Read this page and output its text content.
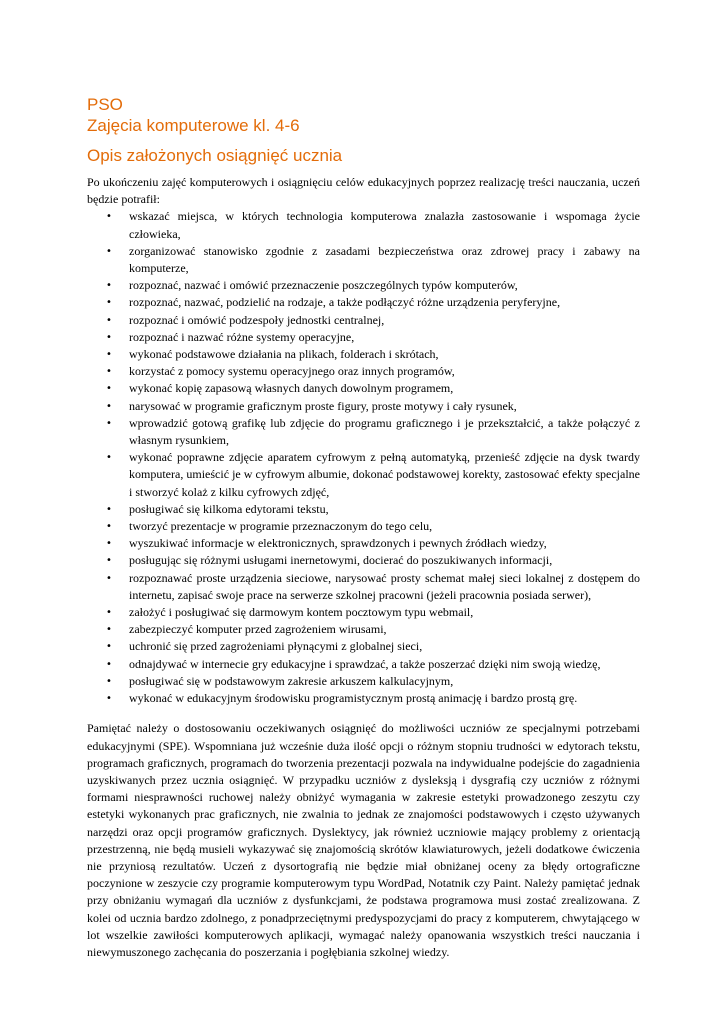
PSO
Zajęcia komputerowe kl. 4-6
Opis założonych osiągnięć ucznia

Po ukończeniu zajęć komputerowych i osiągnięciu celów edukacyjnych poprzez realizację treści nauczania, uczeń będzie potrafił:

• wskazać miejsca, w których technologia komputerowa znalazła zastosowanie i wspomaga życie człowieka,
• zorganizować stanowisko zgodnie z zasadami bezpieczeństwa oraz zdrowej pracy i zabawy na komputerze,
• rozpoznać, nazwać i omówić przeznaczenie poszczególnych typów komputerów,
• rozpoznać, nazwać, podzielić na rodzaje, a także podłączyć różne urządzenia peryferyjne,
• rozpoznać i omówić podzespoły jednostki centralnej,
• rozpoznać i nazwać różne systemy operacyjne,
• wykonać podstawowe działania na plikach, folderach i skrótach,
• korzystać z pomocy systemu operacyjnego oraz innych programów,
• wykonać kopię zapasową własnych danych dowolnym programem,
• narysować w programie graficznym proste figury, proste motywy i cały rysunek,
• wprowadzić gotową grafikę lub zdjęcie do programu graficznego i je przekształcić, a także połączyć z własnym rysunkiem,
• wykonać poprawne zdjęcie aparatem cyfrowym z pełną automatyką, przenieść zdjęcie na dysk twardy komputera, umieścić je w cyfrowym albumie, dokonać podstawowej korekty, zastosować efekty specjalne i stworzyć kolaż z kilku cyfrowych zdjęć,
• posługiwać się kilkoma edytorami tekstu,
• tworzyć prezentacje w programie przeznaczonym do tego celu,
• wyszukiwać informacje w elektronicznych, sprawdzonych i pewnych źródłach wiedzy,
• posługując się różnymi usługami inernetowymi, docierać do poszukiwanych informacji,
• rozpoznawać proste urządzenia sieciowe, narysować prosty schemat małej sieci lokalnej z dostępem do internetu, zapisać swoje prace na serwerze szkolnej pracowni (jeżeli pracownia posiada serwer),
• założyć i posługiwać się darmowym kontem pocztowym typu webmail,
• zabezpieczyć komputer przed zagrożeniem wirusami,
• uchronić się przed zagrożeniami płynącymi z globalnej sieci,
• odnajdywać w internecie gry edukacyjne i sprawdzać, a także poszerzać dzięki nim swoją wiedzę,
• posługiwać się w podstawowym zakresie arkuszem kalkulacyjnym,
• wykonać w edukacyjnym środowisku programistycznym prostą animację i bardzo prostą grę.

Pamiętać należy o dostosowaniu oczekiwanych osiągnięć do możliwości uczniów ze specjalnymi potrzebami edukacyjnymi (SPE). Wspomniana już wcześnie duża ilość opcji o różnym stopniu trudności w edytorach tekstu, programach graficznych, programach do tworzenia prezentacji pozwala na indywidualne podejście do zagadnienia uzyskiwanych przez ucznia osiągnięć. W przypadku uczniów z dysleksją i dysgrafią czy uczniów z różnymi formami niesprawności ruchowej należy obniżyć wymagania w zakresie estetyki prowadzonego zeszytu czy estetyki wykonanych prac graficznych, nie zwalnia to jednak ze znajomości podstawowych i często używanych narzędzi oraz opcji programów graficznych. Dyslektycy, jak również uczniowie mający problemy z orientacją przestrzenną, nie będą musieli wykazywać się znajomością skrótów klawiaturowych, jeżeli dodatkowe ćwiczenia nie przyniosą rezultatów. Uczeń z dysortografią nie będzie miał obniżanej oceny za błędy ortograficzne poczynione w zeszycie czy programie komputerowym typu WordPad, Notatnik czy Paint. Należy pamiętać jednak przy obniżaniu wymagań dla uczniów z dysfunkcjami, że podstawa programowa musi zostać zrealizowana. Z kolei od ucznia bardzo zdolnego, z ponadprzeciętnymi predyspozycjami do pracy z komputerem, chwytającego w lot wszelkie zawiłości komputerowych aplikacji, wymagać należy opanowania wszystkich treści nauczania i niewymuszonego zachęcania do poszerzania i pogłębiania szkolnej wiedzy.
